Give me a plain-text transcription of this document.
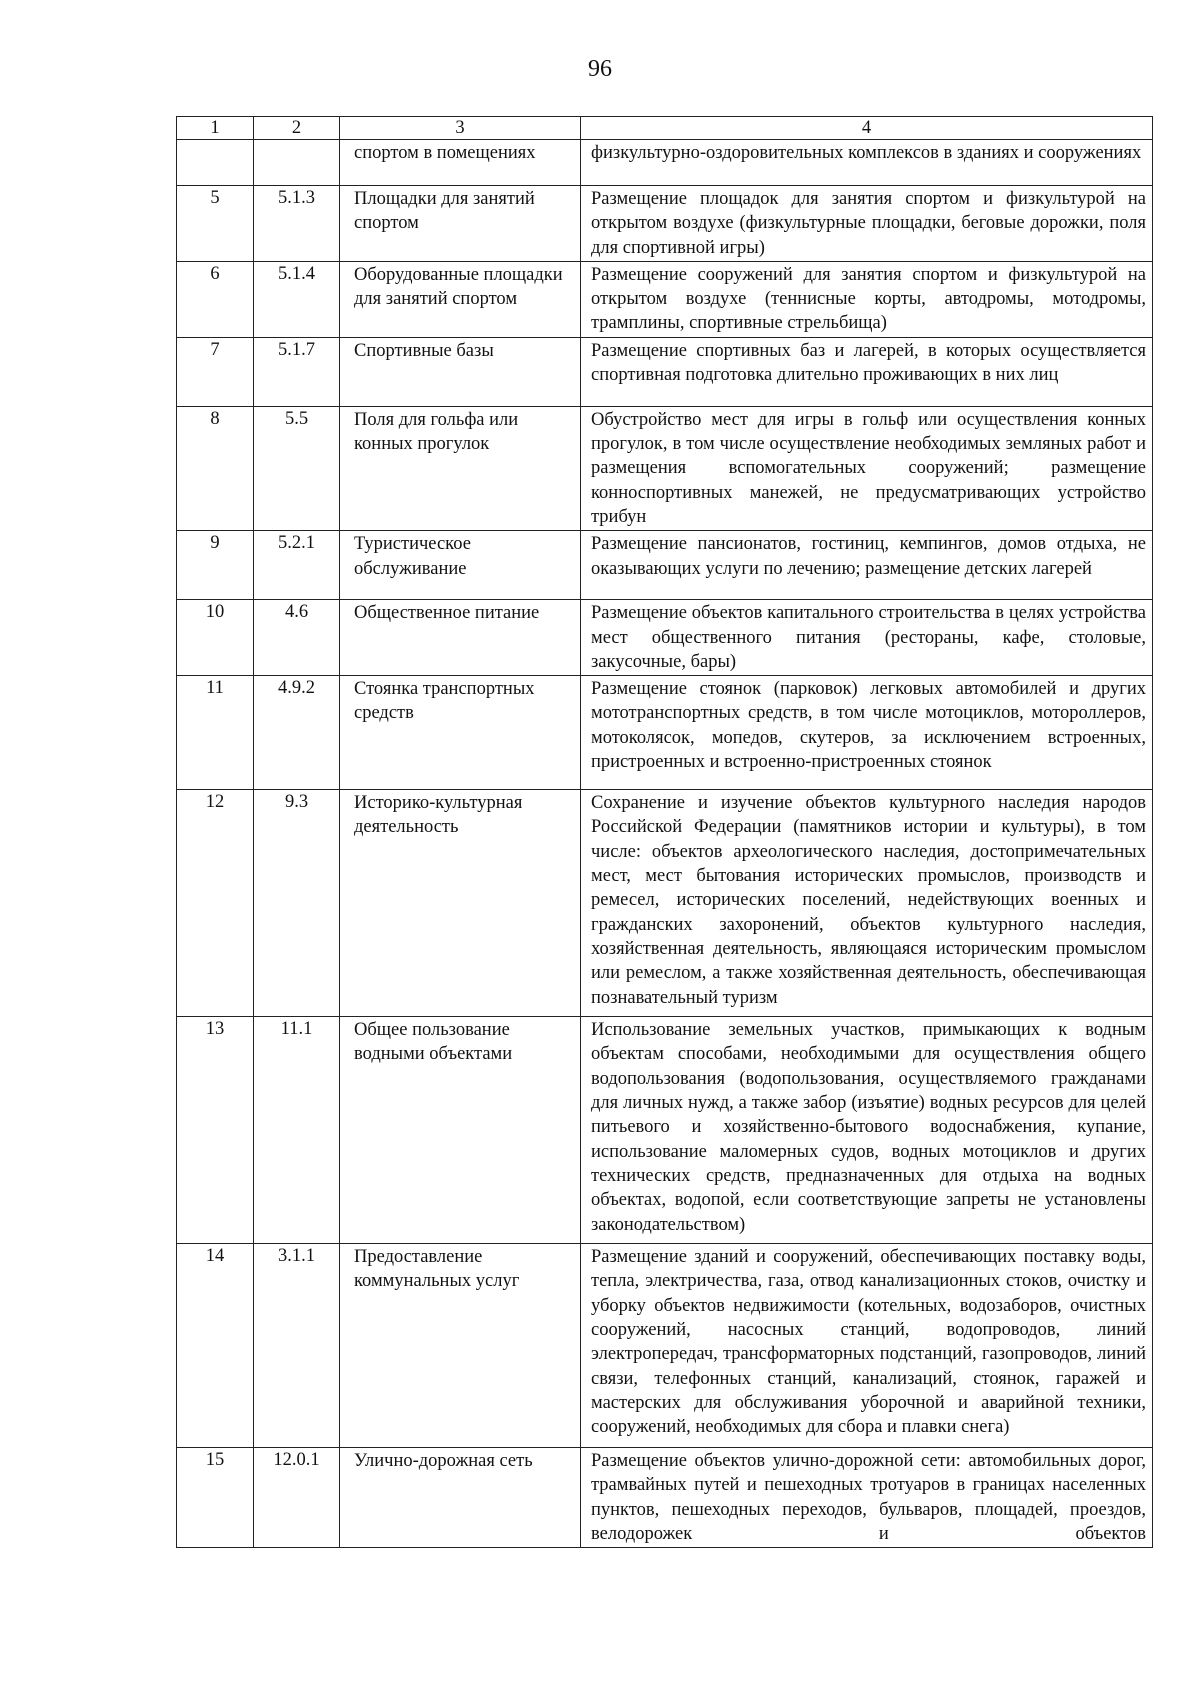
96
1	2	3	4
		спортом в помещениях	физкультурно-оздоровительных комплексов в зданиях и сооружениях
5	5.1.3	Площадки для занятий спортом	Размещение площадок для занятия спортом и физкультурой на открытом воздухе (физкультурные площадки, беговые дорожки, поля для спортивной игры)
6	5.1.4	Оборудованные площадки для занятий спортом	Размещение сооружений для занятия спортом и физкультурой на открытом воздухе (теннисные корты, автодромы, мотодромы, трамплины, спортивные стрельбища)
7	5.1.7	Спортивные базы	Размещение спортивных баз и лагерей, в которых осуществляется спортивная подготовка длительно проживающих в них лиц
8	5.5	Поля для гольфа или конных прогулок	Обустройство мест для игры в гольф или осуществления конных прогулок, в том числе осуществление необходимых земляных работ и размещения вспомогательных сооружений; размещение конноспортивных манежей, не предусматривающих устройство трибун
9	5.2.1	Туристическое обслуживание	Размещение пансионатов, гостиниц, кемпингов, домов отдыха, не оказывающих услуги по лечению; размещение детских лагерей
10	4.6	Общественное питание	Размещение объектов капитального строительства в целях устройства мест общественного питания (рестораны, кафе, столовые, закусочные, бары)
11	4.9.2	Стоянка транспортных средств	Размещение стоянок (парковок) легковых автомобилей и других мототранспортных средств, в том числе мотоциклов, мотороллеров, мотоколясок, мопедов, скутеров, за исключением встроенных, пристроенных и встроенно-пристроенных стоянок
12	9.3	Историко-культурная деятельность	Сохранение и изучение объектов культурного наследия народов Российской Федерации (памятников истории и культуры), в том числе: объектов археологического наследия, достопримечательных мест, мест бытования исторических промыслов, производств и ремесел, исторических поселений, недействующих военных и гражданских захоронений, объектов культурного наследия, хозяйственная деятельность, являющаяся историческим промыслом или ремеслом, а также хозяйственная деятельность, обеспечивающая познавательный туризм
13	11.1	Общее пользование водными объектами	Использование земельных участков, примыкающих к водным объектам способами, необходимыми для осуществления общего водопользования (водопользования, осуществляемого гражданами для личных нужд, а также забор (изъятие) водных ресурсов для целей питьевого и хозяйственно-бытового водоснабжения, купание, использование маломерных судов, водных мотоциклов и других технических средств, предназначенных для отдыха на водных объектах, водопой, если соответствующие запреты не установлены законодательством)
14	3.1.1	Предоставление коммунальных услуг	Размещение зданий и сооружений, обеспечивающих поставку воды, тепла, электричества, газа, отвод канализационных стоков, очистку и уборку объектов недвижимости (котельных, водозаборов, очистных сооружений, насосных станций, водопроводов, линий электропередач, трансформаторных подстанций, газопроводов, линий связи, телефонных станций, канализаций, стоянок, гаражей и мастерских для обслуживания уборочной и аварийной техники, сооружений, необходимых для сбора и плавки снега)
15	12.0.1	Улично-дорожная сеть	Размещение объектов улично-дорожной сети: автомобильных дорог, трамвайных путей и пешеходных тротуаров в границах населенных пунктов, пешеходных переходов, бульваров, площадей, проездов, велодорожек и объектов
